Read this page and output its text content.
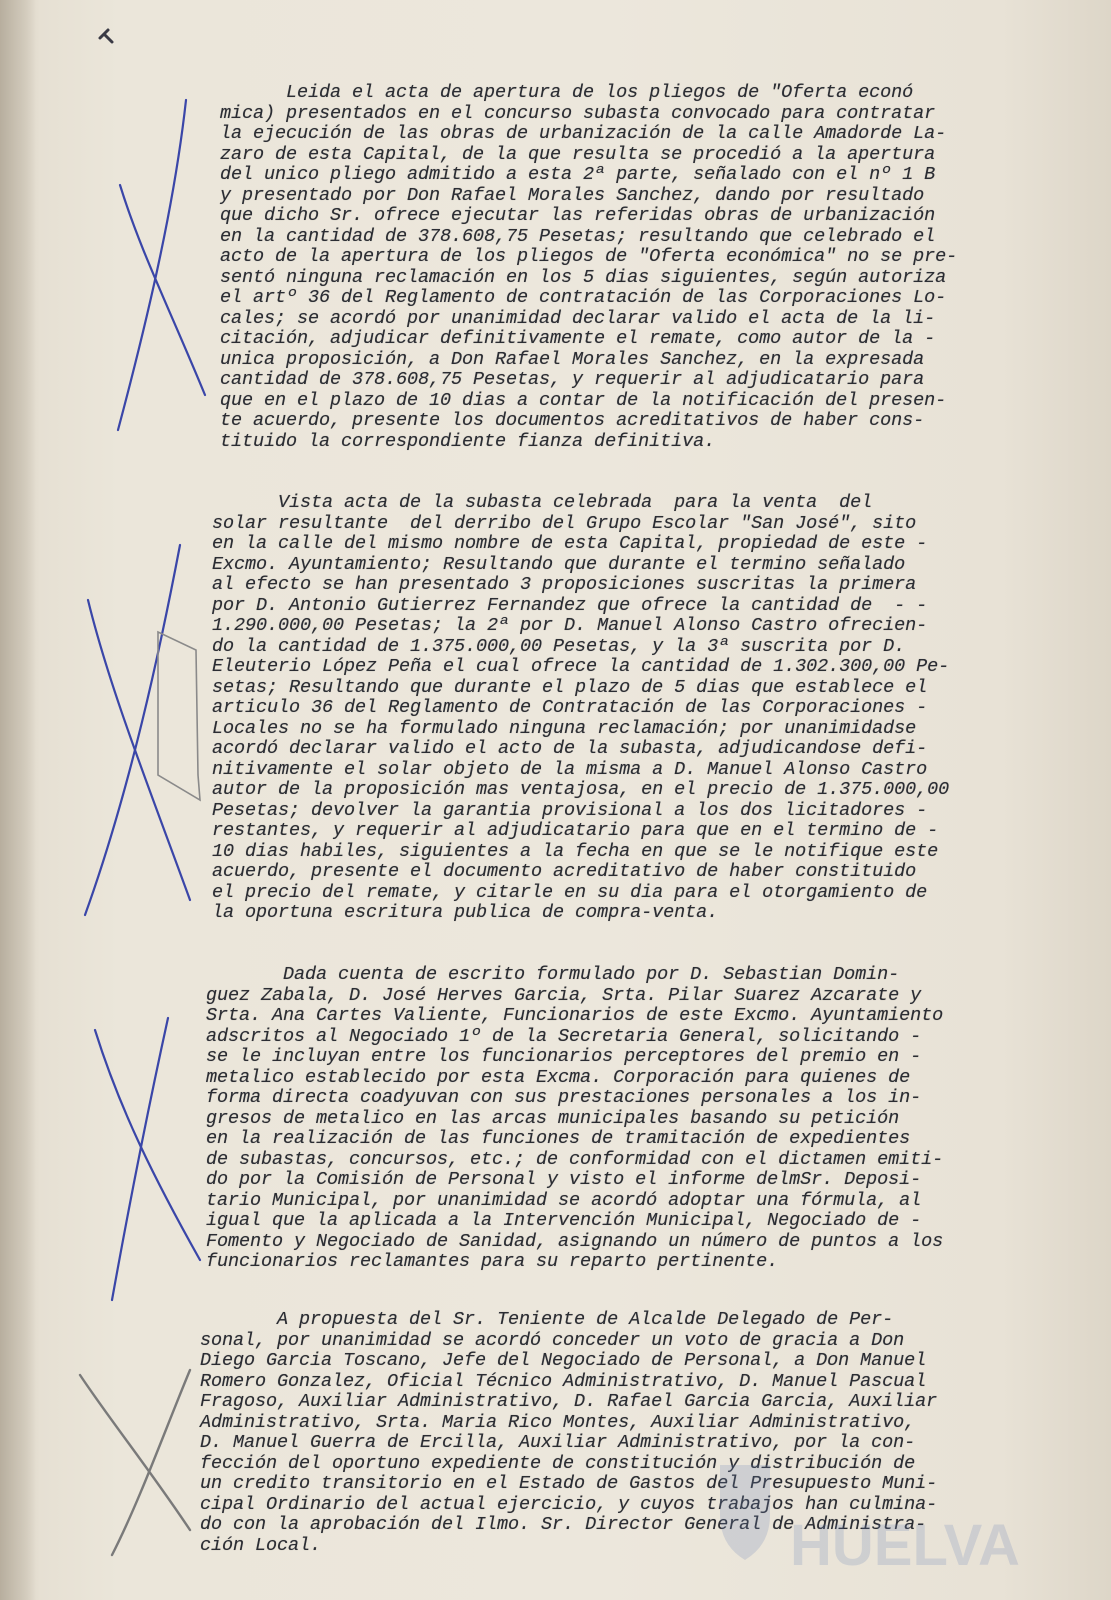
Leida el acta de apertura de los pliegos de "Oferta econó
mica) presentados en el concurso subasta convocado para contratar
la ejecución de las obras de urbanización de la calle Amadorde La-
zaro de esta Capital, de la que resulta se procedió a la apertura
del unico pliego admitido a esta 2ª parte, señalado con el nº 1 B
y presentado por Don Rafael Morales Sanchez, dando por resultado
que dicho Sr. ofrece ejecutar las referidas obras de urbanización
en la cantidad de 378.608,75 Pesetas; resultando que celebrado el
acto de la apertura de los pliegos de "Oferta económica" no se pre-
sentó ninguna reclamación en los 5 dias siguientes, según autoriza
el artº 36 del Reglamento de contratación de las Corporaciones Lo-
cales; se acordó por unanimidad declarar valido el acta de la li-
citación, adjudicar definitivamente el remate, como autor de la -
unica proposición, a Don Rafael Morales Sanchez, en la expresada
cantidad de 378.608,75 Pesetas, y requerir al adjudicatario para
que en el plazo de 10 dias a contar de la notificación del presen-
te acuerdo, presente los documentos acreditativos de haber cons-
tituido la correspondiente fianza definitiva.

Vista acta de la subasta celebrada  para la venta  del
solar resultante  del derribo del Grupo Escolar "San José", sito
en la calle del mismo nombre de esta Capital, propiedad de este -
Excmo. Ayuntamiento; Resultando que durante el termino señalado
al efecto se han presentado 3 proposiciones suscritas la primera
por D. Antonio Gutierrez Fernandez que ofrece la cantidad de  - -
1.290.000,00 Pesetas; la 2ª por D. Manuel Alonso Castro ofrecien-
do la cantidad de 1.375.000,00 Pesetas, y la 3ª suscrita por D.
Eleuterio López Peña el cual ofrece la cantidad de 1.302.300,00 Pe-
setas; Resultando que durante el plazo de 5 dias que establece el
articulo 36 del Reglamento de Contratación de las Corporaciones -
Locales no se ha formulado ninguna reclamación; por unanimidadse
acordó declarar valido el acto de la subasta, adjudicandose defi-
nitivamente el solar objeto de la misma a D. Manuel Alonso Castro
autor de la proposición mas ventajosa, en el precio de 1.375.000,00
Pesetas; devolver la garantia provisional a los dos licitadores -
restantes, y requerir al adjudicatario para que en el termino de -
10 dias habiles, siguientes a la fecha en que se le notifique este
acuerdo, presente el documento acreditativo de haber constituido
el precio del remate, y citarle en su dia para el otorgamiento de
la oportuna escritura publica de compra-venta.

Dada cuenta de escrito formulado por D. Sebastian Domin-
guez Zabala, D. José Herves Garcia, Srta. Pilar Suarez Azcarate y
Srta. Ana Cartes Valiente, Funcionarios de este Excmo. Ayuntamiento
adscritos al Negociado 1º de la Secretaria General, solicitando -
se le incluyan entre los funcionarios perceptores del premio en -
metalico establecido por esta Excma. Corporación para quienes de
forma directa coadyuvan con sus prestaciones personales a los in-
gresos de metalico en las arcas municipales basando su petición
en la realización de las funciones de tramitación de expedientes
de subastas, concursos, etc.; de conformidad con el dictamen emiti-
do por la Comisión de Personal y visto el informe delmSr. Deposi-
tario Municipal, por unanimidad se acordó adoptar una fórmula, al
igual que la aplicada a la Intervención Municipal, Negociado de -
Fomento y Negociado de Sanidad, asignando un número de puntos a los
funcionarios reclamantes para su reparto pertinente.

A propuesta del Sr. Teniente de Alcalde Delegado de Per-
sonal, por unanimidad se acordó conceder un voto de gracia a Don
Diego Garcia Toscano, Jefe del Negociado de Personal, a Don Manuel
Romero Gonzalez, Oficial Técnico Administrativo, D. Manuel Pascual
Fragoso, Auxiliar Administrativo, D. Rafael Garcia Garcia, Auxiliar
Administrativo, Srta. Maria Rico Montes, Auxiliar Administrativo,
D. Manuel Guerra de Ercilla, Auxiliar Administrativo, por la con-
fección del oportuno expediente de constitución y distribución de
un credito transitorio en el Estado de Gastos del Presupuesto Muni-
cipal Ordinario del actual ejercicio, y cuyos trabajos han culmina-
do con la aprobación del Ilmo. Sr. Director General de Administra-
ción Local.	HUELVA
